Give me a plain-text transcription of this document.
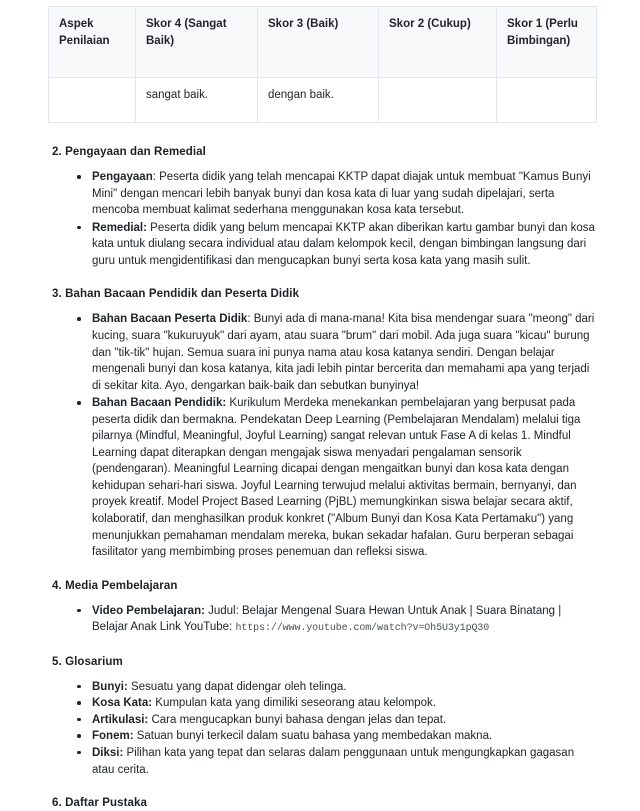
Aspek Penilaian	Skor 4 (Sangat Baik)	Skor 3 (Baik)	Skor 2 (Cukup)	Skor 1 (Perlu Bimbingan)
	sangat baik.	dengan baik.		
2. Pengayaan dan Remedial
Pengayaan: Peserta didik yang telah mencapai KKTP dapat diajak untuk membuat "Kamus Bunyi Mini" dengan mencari lebih banyak bunyi dan kosa kata di luar yang sudah dipelajari, serta mencoba membuat kalimat sederhana menggunakan kosa kata tersebut.
Remedial: Peserta didik yang belum mencapai KKTP akan diberikan kartu gambar bunyi dan kosa kata untuk diulang secara individual atau dalam kelompok kecil, dengan bimbingan langsung dari guru untuk mengidentifikasi dan mengucapkan bunyi serta kosa kata yang masih sulit.
3. Bahan Bacaan Pendidik dan Peserta Didik
Bahan Bacaan Peserta Didik: Bunyi ada di mana-mana! Kita bisa mendengar suara "meong" dari kucing, suara "kukuruyuk" dari ayam, atau suara "brum" dari mobil. Ada juga suara "kicau" burung dan "tik-tik" hujan. Semua suara ini punya nama atau kosa katanya sendiri. Dengan belajar mengenali bunyi dan kosa katanya, kita jadi lebih pintar bercerita dan memahami apa yang terjadi di sekitar kita. Ayo, dengarkan baik-baik dan sebutkan bunyinya!
Bahan Bacaan Pendidik: Kurikulum Merdeka menekankan pembelajaran yang berpusat pada peserta didik dan bermakna. Pendekatan Deep Learning (Pembelajaran Mendalam) melalui tiga pilarnya (Mindful, Meaningful, Joyful Learning) sangat relevan untuk Fase A di kelas 1. Mindful Learning dapat diterapkan dengan mengajak siswa menyadari pengalaman sensorik (pendengaran). Meaningful Learning dicapai dengan mengaitkan bunyi dan kosa kata dengan kehidupan sehari-hari siswa. Joyful Learning terwujud melalui aktivitas bermain, bernyanyi, dan proyek kreatif. Model Project Based Learning (PjBL) memungkinkan siswa belajar secara aktif, kolaboratif, dan menghasilkan produk konkret ("Album Bunyi dan Kosa Kata Pertamaku") yang menunjukkan pemahaman mendalam mereka, bukan sekadar hafalan. Guru berperan sebagai fasilitator yang membimbing proses penemuan dan refleksi siswa.
4. Media Pembelajaran
Video Pembelajaran: Judul: Belajar Mengenal Suara Hewan Untuk Anak | Suara Binatang | Belajar Anak Link YouTube: https://www.youtube.com/watch?v=Oh5U3y1pQ30
5. Glosarium
Bunyi: Sesuatu yang dapat didengar oleh telinga.
Kosa Kata: Kumpulan kata yang dimiliki seseorang atau kelompok.
Artikulasi: Cara mengucapkan bunyi bahasa dengan jelas dan tepat.
Fonem: Satuan bunyi terkecil dalam suatu bahasa yang membedakan makna.
Diksi: Pilihan kata yang tepat dan selaras dalam penggunaan untuk mengungkapkan gagasan atau cerita.
6. Daftar Pustaka
